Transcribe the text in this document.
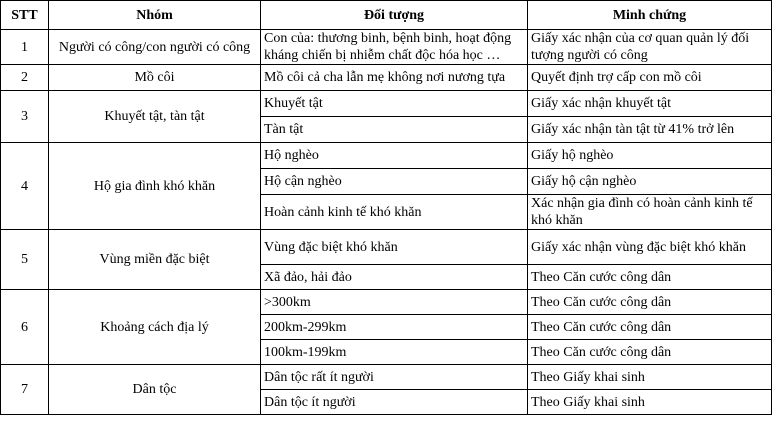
STT	Nhóm	Đối tượng	Minh chứng
1	Người có công/con người có công	Con của: thương binh, bệnh binh, hoạt động kháng chiến bị nhiễm chất độc hóa học …	Giấy xác nhận của cơ quan quản lý đối tượng người có công
2	Mồ côi	Mồ côi cả cha lẫn mẹ không nơi nương tựa	Quyết định trợ cấp con mồ côi
3	Khuyết tật, tàn tật	Khuyết tật	Giấy xác nhận khuyết tật
		Tàn tật	Giấy xác nhận tàn tật từ 41% trở lên
4	Hộ gia đình khó khăn	Hộ nghèo	Giấy hộ nghèo
		Hộ cận nghèo	Giấy hộ cận nghèo
		Hoàn cảnh kinh tế khó khăn	Xác nhận gia đình có hoàn cảnh kinh tế khó khăn
5	Vùng miền đặc biệt	Vùng đặc biệt khó khăn	Giấy xác nhận vùng đặc biệt khó khăn
		Xã đảo, hải đảo	Theo Căn cước công dân
6	Khoảng cách địa lý	>300km	Theo Căn cước công dân
		200km-299km	Theo Căn cước công dân
		100km-199km	Theo Căn cước công dân
7	Dân tộc	Dân tộc rất ít người	Theo Giấy khai sinh
		Dân tộc ít người	Theo Giấy khai sinh
